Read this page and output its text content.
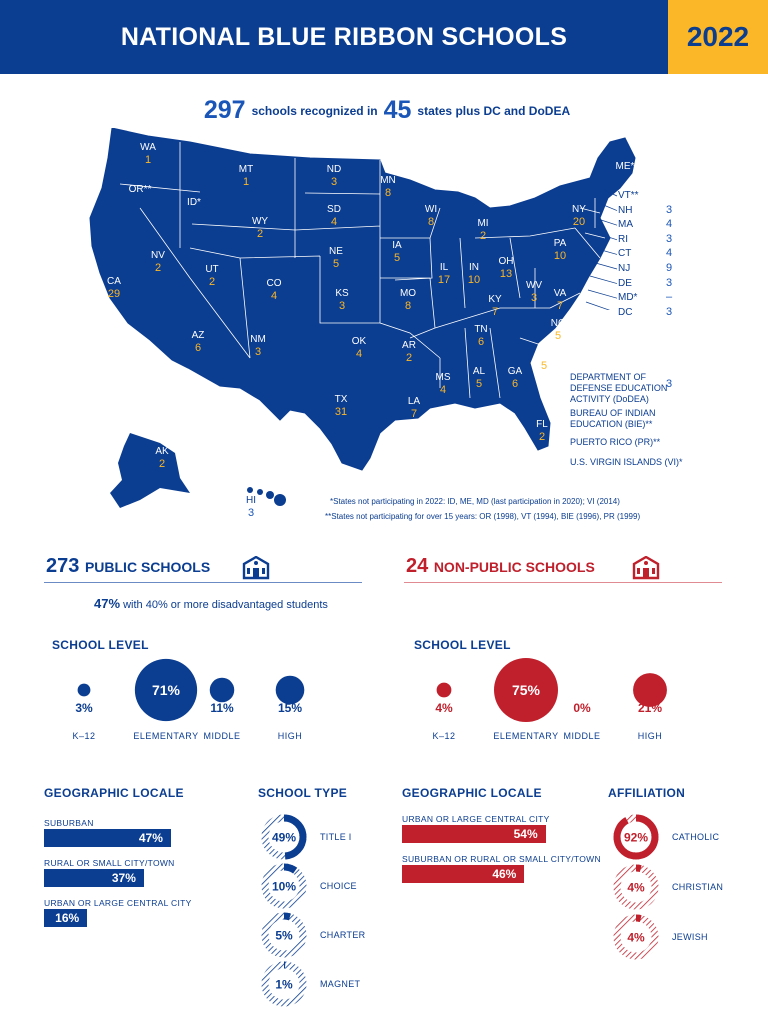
NATIONAL BLUE RIBBON SCHOOLS	2022
297 schools recognized in 45 states plus DC and DoDEA
WA
1
OR**
ID*
MT
1
ND
3	MN
8
SD
4
WY
2
NV
2
CA
29
UT
2	CO
4
NE
5
IA
5
WI
8	MI
2
IL
17
IN
10
OH
13
PA
10
NY
20
KS
3
MO
8
KY
7
WV
3	VA
7
AZ
6
NM
3
OK
4
AR
2
TN
6
NC
5
SC
5
MS
4
AL
5
GA
6
TX
31
LA
7
FL
2
ME*
AK
2
VT**
NH	3
MA	4
RI	3
CT	4
NJ	9
DE	3
MD*	–
DC	3
DEPARTMENT OF
DEFENSE EDUCATION
ACTIVITY (DoDEA)
3
BUREAU OF INDIAN
EDUCATION (BIE)**
PUERTO RICO (PR)**
U.S. VIRGIN ISLANDS (VI)*
*States not participating in 2022: ID, ME, MD (last participation in 2020); VI (2014)
**States not participating for over 15 years: OR (1998), VT (1994), BIE (1996), PR (1999)
273 PUBLIC SCHOOLS
47% with 40% or more disadvantaged students
24 NON-PUBLIC SCHOOLS
SCHOOL LEVEL	SCHOOL LEVEL
3%
K–12
71%
ELEMENTARY
11%
MIDDLE
15%
HIGH
4%
K–12
75%
ELEMENTARY
0%
MIDDLE
21%
HIGH
GEOGRAPHIC LOCALE	SCHOOL TYPE	GEOGRAPHIC LOCALE	AFFILIATION
SUBURBAN
47%
RURAL OR SMALL CITY/TOWN
37%
URBAN OR LARGE CENTRAL CITY
16%
URBAN OR LARGE CENTRAL CITY
54%
SUBURBAN OR RURAL OR SMALL CITY/TOWN
46%
49%	TITLE I
10%	CHOICE
5%	CHARTER
1%	MAGNET
92%	CATHOLIC
4%	CHRISTIAN
4%	JEWISH
HI
3
